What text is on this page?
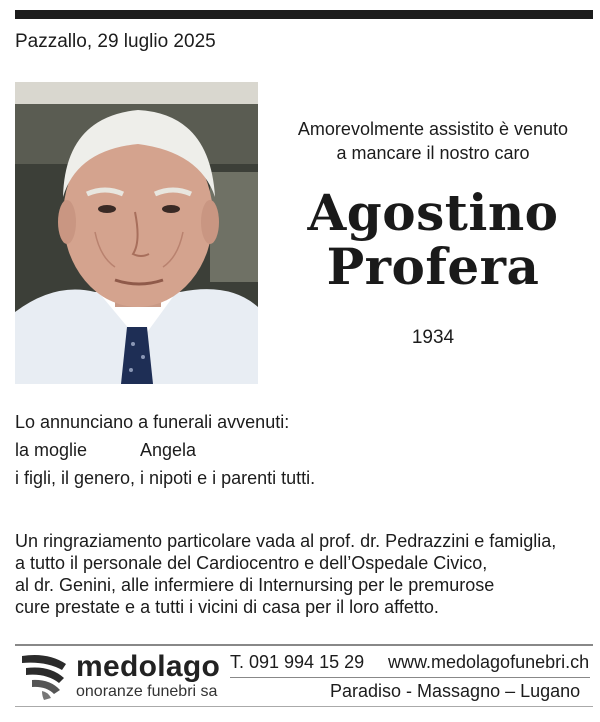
Pazzallo, 29 luglio 2025
Amorevolmente assistito è venuto
a mancare il nostro caro
Agostino
Profera
1934
Lo annunciano a funerali avvenuti:
la moglie	Angela
i figli, il genero, i nipoti e i parenti tutti.
Un ringraziamento particolare vada al prof. dr. Pedrazzini e famiglia,
a tutto il personale del Cardiocentro e dell’Ospedale Civico,
al dr. Genini, alle infermiere di Internursing per le premurose
cure prestate e a tutti i vicini di casa per il loro affetto.
medolago
onoranze funebri sa
T. 091 994 15 29 www.medolagofunebri.ch
Paradiso - Massagno – Lugano
